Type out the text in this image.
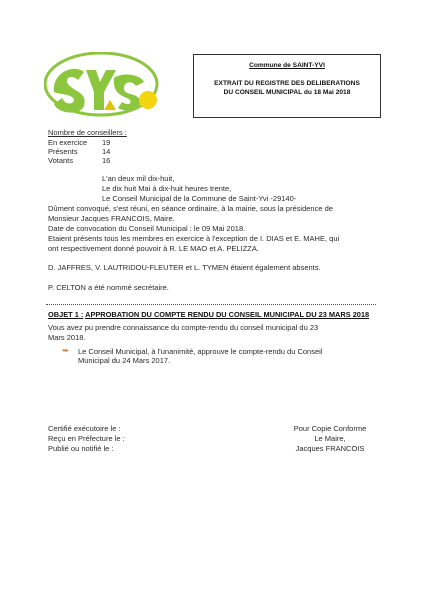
Commune de SAINT-YVI
EXTRAIT DU REGISTRE DES DELIBERATIONS
DU CONSEIL MUNICIPAL du 18 Mai 2018
Nombre de conseillers :
En exercice	19
Présents	14
Votants	16
L'an deux mil dix-huit,
Le dix huit Mai à dix-huit heures trente,
Le Conseil Municipal de la Commune de Saint-Yvi -29140-
Dûment convoqué, s'est réuni, en séance ordinaire, à la mairie, sous la présidence de
Monsieur Jacques FRANCOIS, Maire.
Date de convocation du Conseil Municipal : le 09 Mai 2018.
Etaient présents tous les membres en exercice à l'exception de I. DIAS et E. MAHE, qui
ont respectivement donné pouvoir à R. LE MAO et A. PELIZZA.
D. JAFFRES, V. LAUTRIDOU-FLEUTER et L. TYMEN étaient également absents.
P. CELTON a été nommé secrétaire.
OBJET 1 : APPROBATION DU COMPTE RENDU DU CONSEIL MUNICIPAL DU 23 MARS 2018
Vous avez pu prendre connaissance du compte-rendu du conseil municipal du 23
Mars 2018.
➥ Le Conseil Municipal, à l'unanimité, approuve le compte-rendu du Conseil
Municipal du 24 Mars 2017.
Certifié exécutoire le :
Reçu en Préfecture le :
Publié ou notifié le :
Pour Copie Conforme
Le Maire,
Jacques FRANCOIS
